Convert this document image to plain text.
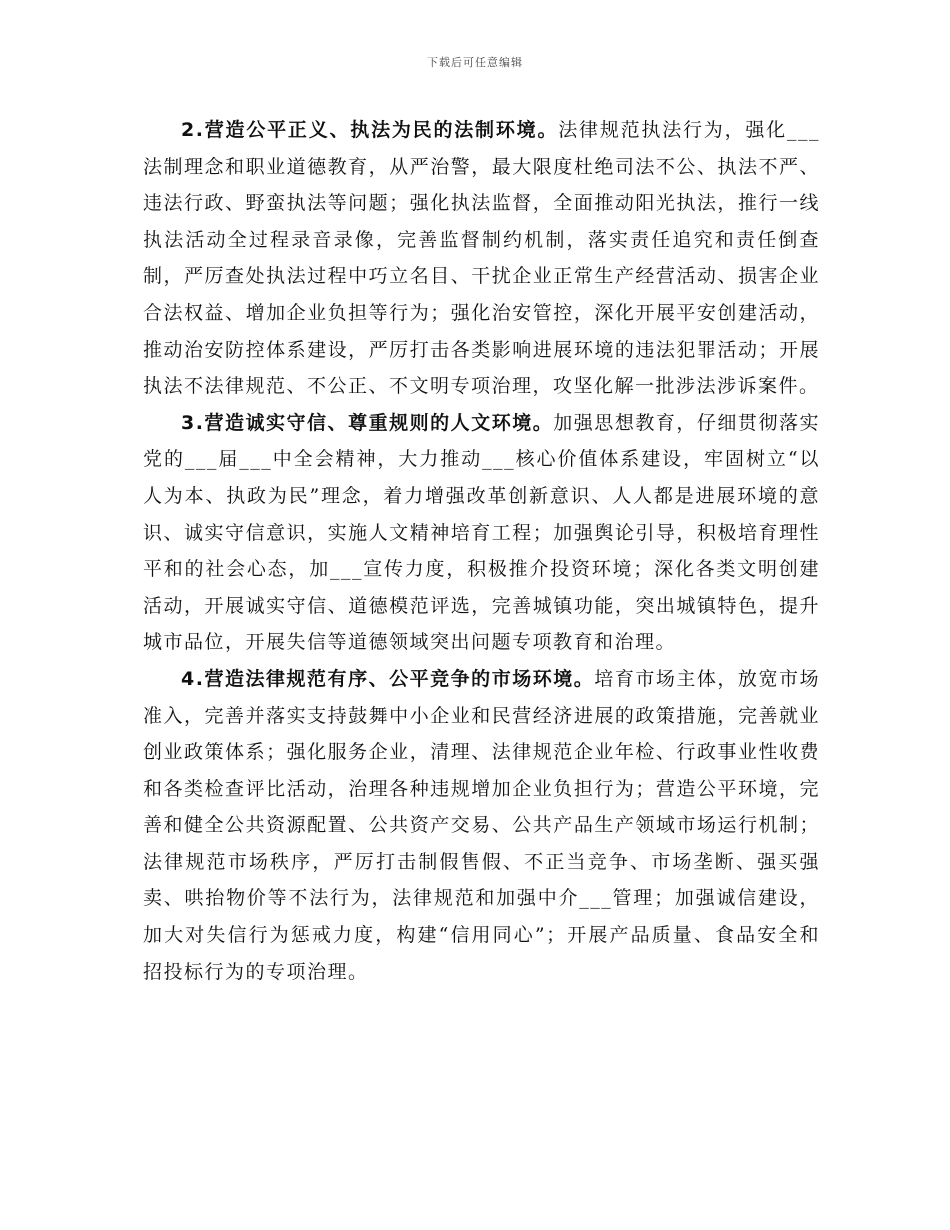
下载后可任意编辑

2.营造公平正义、执法为民的法制环境。法律规范执法行为，强化___法制理念和职业道德教育，从严治警，最大限度杜绝司法不公、执法不严、违法行政、野蛮执法等问题；强化执法监督，全面推动阳光执法，推行一线执法活动全过程录音录像，完善监督制约机制，落实责任追究和责任倒查制，严厉查处执法过程中巧立名目、干扰企业正常生产经营活动、损害企业合法权益、增加企业负担等行为；强化治安管控，深化开展平安创建活动，推动治安防控体系建设，严厉打击各类影响进展环境的违法犯罪活动；开展执法不法律规范、不公正、不文明专项治理，攻坚化解一批涉法涉诉案件。

3.营造诚实守信、尊重规则的人文环境。加强思想教育，仔细贯彻落实党的___届___中全会精神，大力推动___核心价值体系建设，牢固树立“以人为本、执政为民”理念，着力增强改革创新意识、人人都是进展环境的意识、诚实守信意识，实施人文精神培育工程；加强舆论引导，积极培育理性平和的社会心态，加___宣传力度，积极推介投资环境；深化各类文明创建活动，开展诚实守信、道德模范评选，完善城镇功能，突出城镇特色，提升城市品位，开展失信等道德领域突出问题专项教育和治理。

4.营造法律规范有序、公平竞争的市场环境。培育市场主体，放宽市场准入，完善并落实支持鼓舞中小企业和民营经济进展的政策措施，完善就业创业政策体系；强化服务企业，清理、法律规范企业年检、行政事业性收费和各类检查评比活动，治理各种违规增加企业负担行为；营造公平环境，完善和健全公共资源配置、公共资产交易、公共产品生产领域市场运行机制；法律规范市场秩序，严厉打击制假售假、不正当竞争、市场垄断、强买强卖、哄抬物价等不法行为，法律规范和加强中介___管理；加强诚信建设，加大对失信行为惩戒力度，构建“信用同心”；开展产品质量、食品安全和招投标行为的专项治理。
